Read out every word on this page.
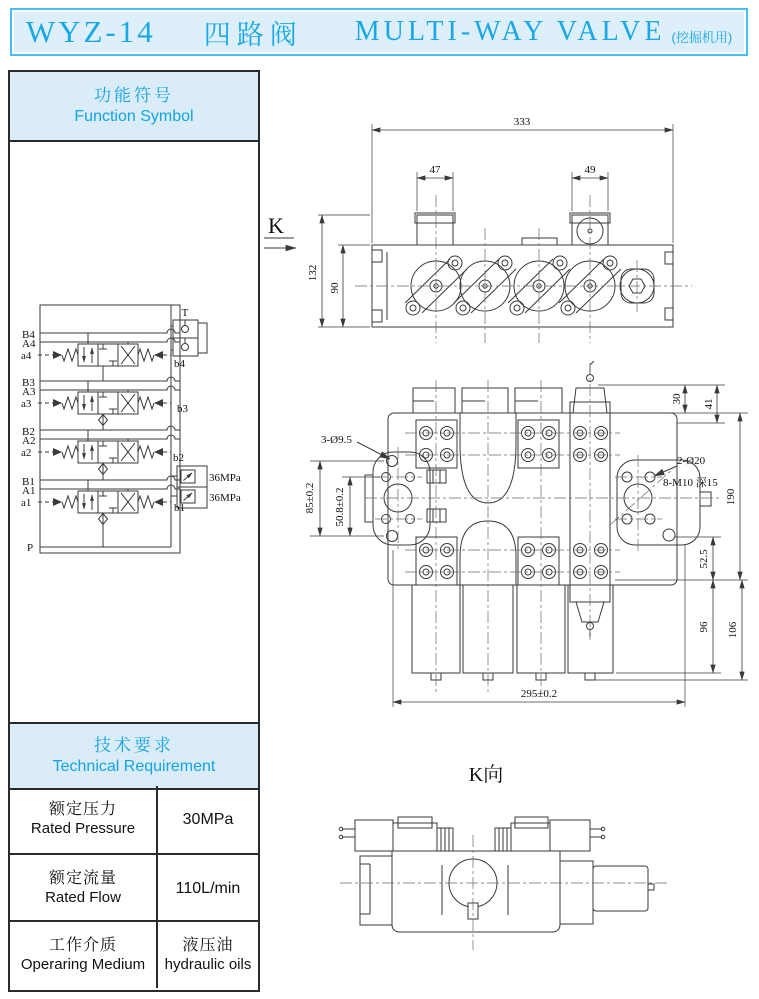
WYZ-14 四路阀 MULTI-WAY VALVE (挖掘机用)
功能符号
Function Symbol
技术要求
Technical Requirement
额定压力
Rated Pressure
30MPa
额定流量
Rated Flow
110L/min
工作介质
Operaring Medium
液压油
hydraulic oils
T
B4
A4
a4
B3
A3
a3
B2
A2
a2
B1
A1
a1
36MPa
36MPa
b4
b3
b2
b1
P
333
47	49
132
90
K
3-Ø9.5
85±0.2 50.8±0.2
30 41
2-Ø20
8-M10 深15
190
52.5
96 106
295±0.2
K向
